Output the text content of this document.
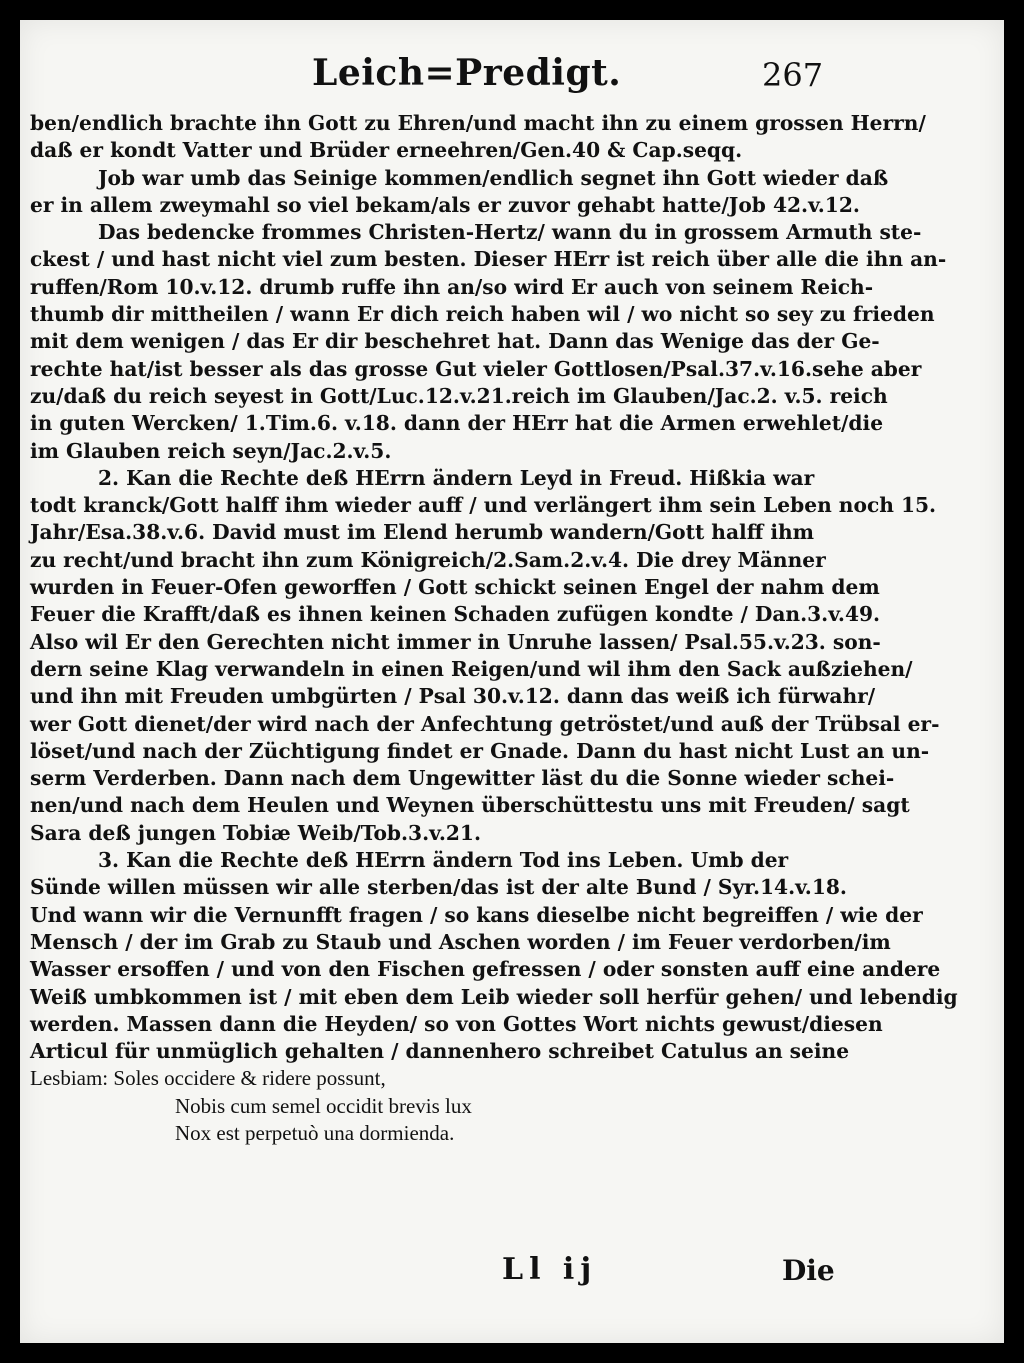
Leich=Predigt.	267
ben/endlich brachte ihn Gott zu Ehren/und macht ihn zu einem grossen Herrn/
daß er kondt Vatter und Brüder erneehren/Gen.40 & Cap.seqq.
Job war umb das Seinige kommen/endlich segnet ihn Gott wieder daß
er in allem zweymahl so viel bekam/als er zuvor gehabt hatte/Job 42.v.12.
Das bedencke frommes Christen-Hertz/ wann du in grossem Armuth ste-
ckest / und hast nicht viel zum besten. Dieser HErr ist reich über alle die ihn an-
ruffen/Rom 10.v.12. drumb ruffe ihn an/so wird Er auch von seinem Reich-
thumb dir mittheilen / wann Er dich reich haben wil / wo nicht so sey zu frieden
mit dem wenigen / das Er dir beschehret hat. Dann das Wenige das der Ge-
rechte hat/ist besser als das grosse Gut vieler Gottlosen/Psal.37.v.16.sehe aber
zu/daß du reich seyest in Gott/Luc.12.v.21.reich im Glauben/Jac.2. v.5. reich
in guten Wercken/ 1.Tim.6. v.18. dann der HErr hat die Armen erwehlet/die
im Glauben reich seyn/Jac.2.v.5.
2. Kan die Rechte deß HErrn ändern Leyd in Freud. Hißkia war
todt kranck/Gott halff ihm wieder auff / und verlängert ihm sein Leben noch 15.
Jahr/Esa.38.v.6. David must im Elend herumb wandern/Gott halff ihm
zu recht/und bracht ihn zum Königreich/2.Sam.2.v.4. Die drey Männer
wurden in Feuer-Ofen geworffen / Gott schickt seinen Engel der nahm dem
Feuer die Krafft/daß es ihnen keinen Schaden zufügen kondte / Dan.3.v.49.
Also wil Er den Gerechten nicht immer in Unruhe lassen/ Psal.55.v.23. son-
dern seine Klag verwandeln in einen Reigen/und wil ihm den Sack außziehen/
und ihn mit Freuden umbgürten / Psal 30.v.12. dann das weiß ich fürwahr/
wer Gott dienet/der wird nach der Anfechtung getröstet/und auß der Trübsal er-
löset/und nach der Züchtigung findet er Gnade. Dann du hast nicht Lust an un-
serm Verderben. Dann nach dem Ungewitter läst du die Sonne wieder schei-
nen/und nach dem Heulen und Weynen überschüttestu uns mit Freuden/ sagt
Sara deß jungen Tobiæ Weib/Tob.3.v.21.
3. Kan die Rechte deß HErrn ändern Tod ins Leben. Umb der
Sünde willen müssen wir alle sterben/das ist der alte Bund / Syr.14.v.18.
Und wann wir die Vernunfft fragen / so kans dieselbe nicht begreiffen / wie der
Mensch / der im Grab zu Staub und Aschen worden / im Feuer verdorben/im
Wasser ersoffen / und von den Fischen gefressen / oder sonsten auff eine andere
Weiß umbkommen ist / mit eben dem Leib wieder soll herfür gehen/ und lebendig
werden. Massen dann die Heyden/ so von Gottes Wort nichts gewust/diesen
Articul für unmüglich gehalten / dannenhero schreibet Catulus an seine
Lesbiam: Soles occidere & ridere possunt,
Nobis cum semel occidit brevis lux
Nox est perpetuò una dormienda.
Ll ij	Die
